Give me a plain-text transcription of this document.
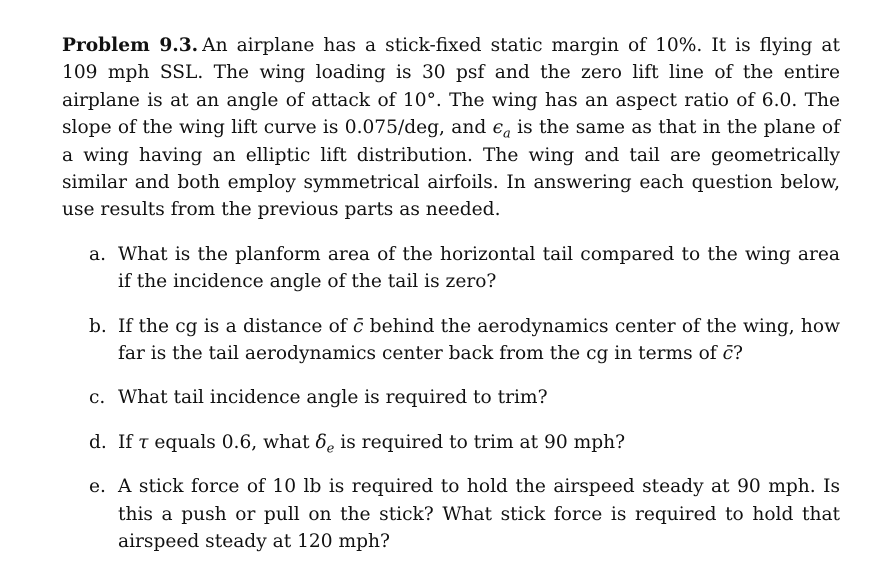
Problem 9.3. An airplane has a stick-fixed static margin of 10%. It is flying at 109 mph SSL. The wing loading is 30 psf and the zero lift line of the entire airplane is at an angle of attack of 10°. The wing has an aspect ratio of 6.0. The slope of the wing lift curve is 0.075/deg, and $\epsilon_a$ is the same as that in the plane of a wing having an elliptic lift distribution. The wing and tail are geometrically similar and both employ symmetrical airfoils. In answering each question below, use results from the previous parts as needed.

a. What is the planform area of the horizontal tail compared to the wing area if the incidence angle of the tail is zero?
b. If the cg is a distance of c̄ behind the aerodynamics center of the wing, how far is the tail aerodynamics center back from the cg in terms of c̄?
c. What tail incidence angle is required to trim?
d. If τ equals 0.6, what $\delta_e$ is required to trim at 90 mph?
e. A stick force of 10 lb is required to hold the airspeed steady at 90 mph. Is this a push or pull on the stick? What stick force is required to hold that airspeed steady at 120 mph?
